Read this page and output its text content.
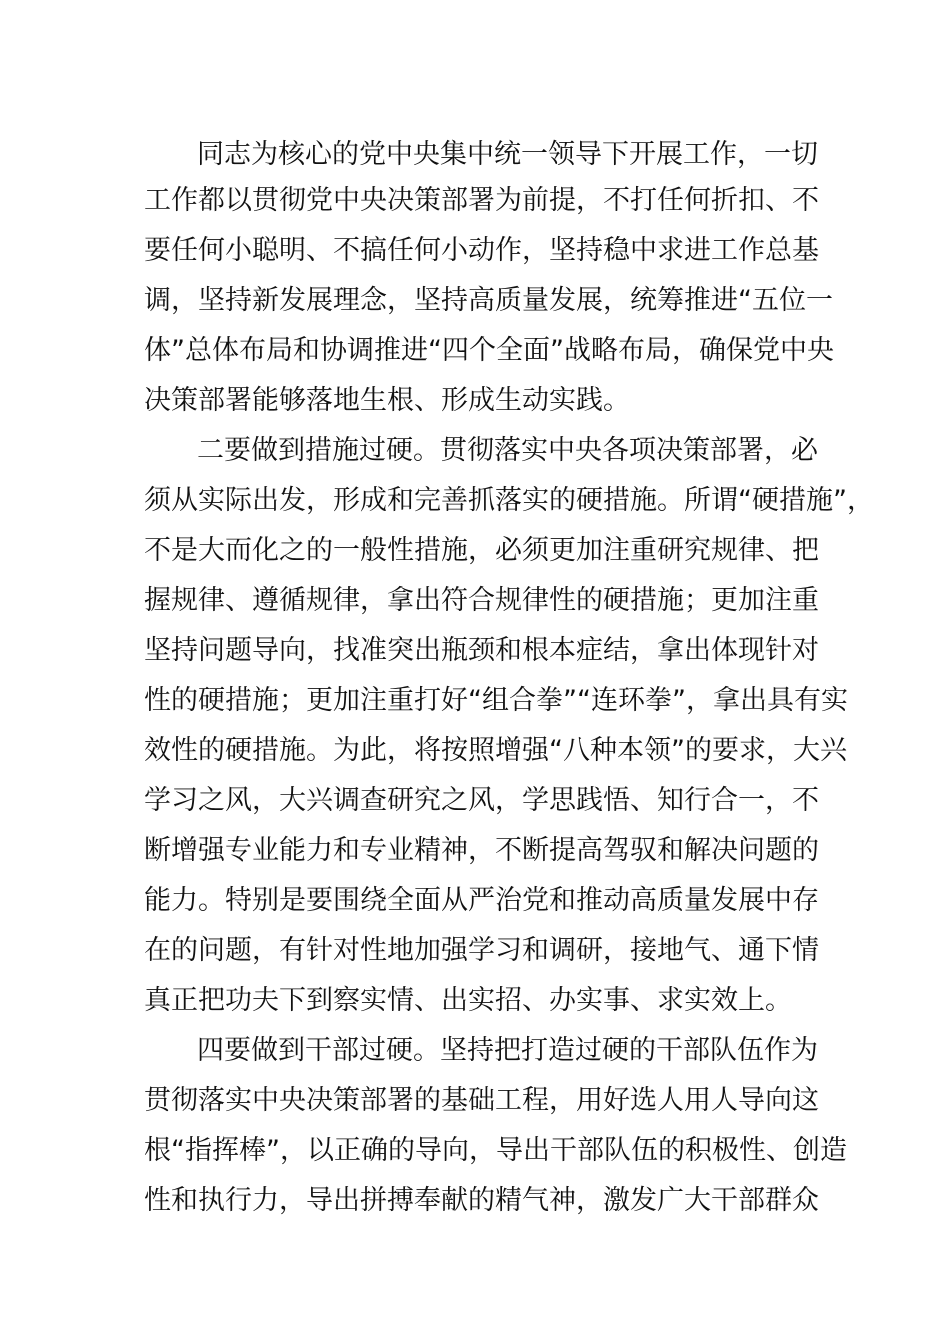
同志为核心的党中央集中统一领导下开展工作，一切
工作都以贯彻党中央决策部署为前提，不打任何折扣、不
要任何小聪明、不搞任何小动作，坚持稳中求进工作总基
调，坚持新发展理念，坚持高质量发展，统筹推进“五位一
体”总体布局和协调推进“四个全面”战略布局，确保党中央
决策部署能够落地生根、形成生动实践。
二要做到措施过硬。贯彻落实中央各项决策部署，必
须从实际出发，形成和完善抓落实的硬措施。所谓“硬措施”，
不是大而化之的一般性措施，必须更加注重研究规律、把
握规律、遵循规律，拿出符合规律性的硬措施；更加注重
坚持问题导向，找准突出瓶颈和根本症结，拿出体现针对
性的硬措施；更加注重打好“组合拳”“连环拳”，拿出具有实
效性的硬措施。为此，将按照增强“八种本领”的要求，大兴
学习之风，大兴调查研究之风，学思践悟、知行合一，不
断增强专业能力和专业精神，不断提高驾驭和解决问题的
能力。特别是要围绕全面从严治党和推动高质量发展中存
在的问题，有针对性地加强学习和调研，接地气、通下情
真正把功夫下到察实情、出实招、办实事、求实效上。
四要做到干部过硬。坚持把打造过硬的干部队伍作为
贯彻落实中央决策部署的基础工程，用好选人用人导向这
根“指挥棒”，以正确的导向，导出干部队伍的积极性、创造
性和执行力，导出拼搏奉献的精气神，激发广大干部群众
